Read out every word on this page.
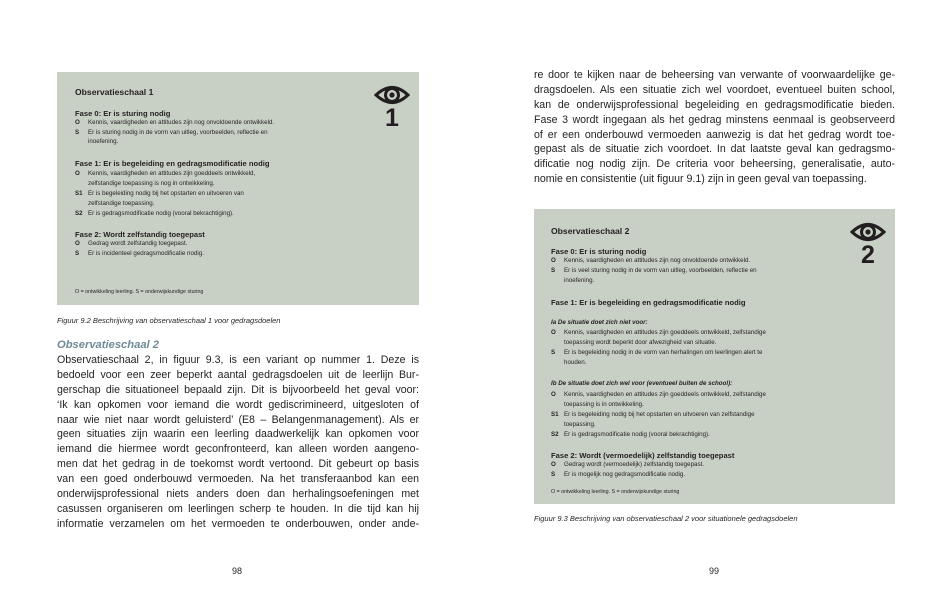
Observatieschaal 1
1
Fase 0: Er is sturing nodig
O	Kennis, vaardigheden en attitudes zijn nog onvoldoende ontwikkeld.
S	Er is sturing nodig in de vorm van uitleg, voorbeelden, reflectie en
inoefening.
Fase 1: Er is begeleiding en gedragsmodificatie nodig
O	Kennis, vaardigheden en attitudes zijn goeddeels ontwikkeld,
zelfstandige toepassing is nog in ontwikkeling.
S1 Er is begeleiding nodig bij het opstarten en uitvoeren van
zelfstandige toepassing.
S2 Er is gedragsmodificatie nodig (vooral bekrachtiging).
Fase 2: Wordt zelfstandig toegepast
O	Gedrag wordt zelfstandig toegepast.
S	Er is incidenteel gedragsmodificatie nodig.
O = ontwikkeling leerling. S = onderwijskundige sturing
Figuur 9.2 Beschrijving van observatieschaal 1 voor gedragsdoelen
Observatieschaal 2
Observatieschaal 2, in figuur 9.3, is een variant op nummer 1. Deze is
bedoeld voor een zeer beperkt aantal gedragsdoelen uit de leerlijn Bur-
gerschap die situationeel bepaald zijn. Dit is bijvoorbeeld het geval voor:
‘Ik kan opkomen voor iemand die wordt gediscrimineerd, uitgesloten of
naar wie niet naar wordt geluisterd’ (E8 – Belangenmanagement). Als er
geen situaties zijn waarin een leerling daadwerkelijk kan opkomen voor
iemand die hiermee wordt geconfronteerd, kan alleen worden aangeno-
men dat het gedrag in de toekomst wordt vertoond. Dit gebeurt op basis
van een goed onderbouwd vermoeden. Na het transferaanbod kan een
onderwijsprofessional niets anders doen dan herhalingsoefeningen met
casussen organiseren om leerlingen scherp te houden. In die tijd kan hij
informatie verzamelen om het vermoeden te onderbouwen, onder ande-
98
re door te kijken naar de beheersing van verwante of voorwaardelijke ge-
dragsdoelen. Als een situatie zich wel voordoet, eventueel buiten school,
kan de onderwijsprofessional begeleiding en gedragsmodificatie bieden.
Fase 3 wordt ingegaan als het gedrag minstens eenmaal is geobserveerd
of er een onderbouwd vermoeden aanwezig is dat het gedrag wordt toe-
gepast als de situatie zich voordoet. In dat laatste geval kan gedragsmo-
dificatie nog nodig zijn. De criteria voor beheersing, generalisatie, auto-
nomie en consistentie (uit figuur 9.1) zijn in geen geval van toepassing.
Observatieschaal 2
2
Fase 0: Er is sturing nodig
O	Kennis, vaardigheden en attitudes zijn nog onvoldoende ontwikkeld.
S	Er is veel sturing nodig in de vorm van uitleg, voorbeelden, reflectie en
inoefening.
Fase 1: Er is begeleiding en gedragsmodificatie nodig
Ia De situatie doet zich niet voor:
O	Kennis, vaardigheden en attitudes zijn goeddeels ontwikkeld, zelfstandige
toepassing wordt beperkt door afwezigheid van situatie.
S	Er is begeleiding nodig in de vorm van herhalingen om leerlingen alert te
houden.
Ib De situatie doet zich wel voor (eventueel buiten de school):
O	Kennis, vaardigheden en attitudes zijn goeddeels ontwikkeld, zelfstandige
toepassing is in ontwikkeling.
S1 Er is begeleiding nodig bij het opstarten en uitvoeren van zelfstandige
toepassing.
S2 Er is gedragsmodificatie nodig (vooral bekrachtiging).
Fase 2: Wordt (vermoedelijk) zelfstandig toegepast
O	Gedrag wordt (vermoedelijk) zelfstandig toegepast.
S	Er is mogelijk nog gedragsmodificatie nodig.
O = ontwikkeling leerling. S = onderwijskundige sturing
Figuur 9.3 Beschrijving van observatieschaal 2 voor situationele gedragsdoelen
99
